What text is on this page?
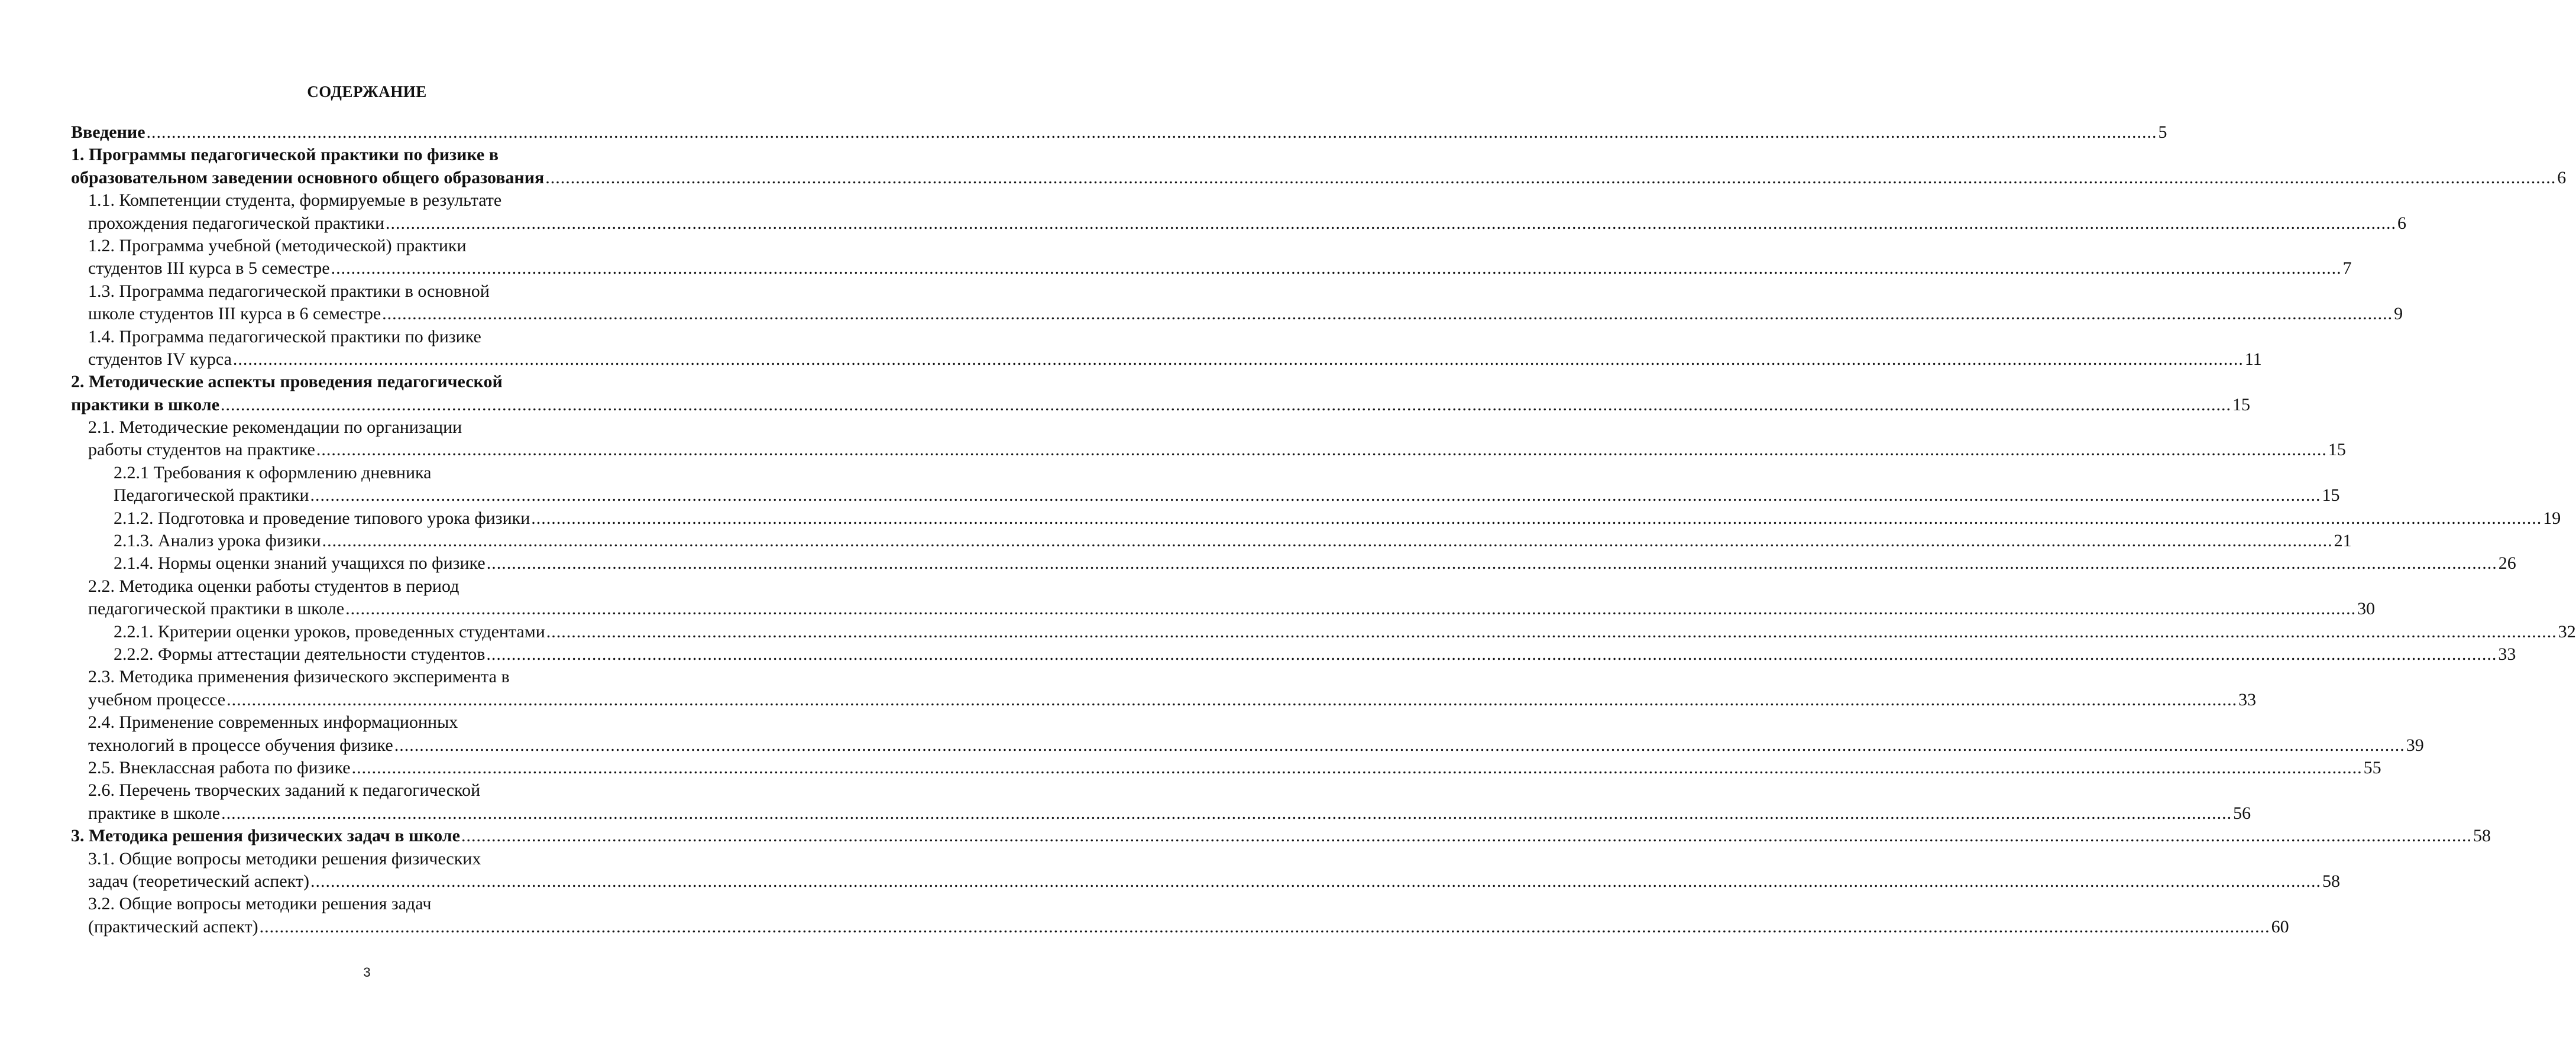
СОДЕРЖАНИЕ
Введение ................................................................................................................................................................................................................................................................................................................................................................................................................ 5
1. Программы педагогической практики по физике в
образовательном заведении основного общего образования ................................................................................................................................................................................................................................................................................................................................................................................................................ 6
1.1. Компетенции студента, формируемые в результате
прохождения педагогической практики ................................................................................................................................................................................................................................................................................................................................................................................................................ 6
1.2. Программа учебной (методической) практики
студентов III курса в 5 семестре ................................................................................................................................................................................................................................................................................................................................................................................................................ 7
1.3. Программа педагогической практики в основной
школе студентов III курса в 6 семестре ................................................................................................................................................................................................................................................................................................................................................................................................................ 9
1.4. Программа педагогической практики по физике
студентов IV курса ................................................................................................................................................................................................................................................................................................................................................................................................................ 11
2. Методические аспекты проведения педагогической
практики в школе ................................................................................................................................................................................................................................................................................................................................................................................................................ 15
2.1. Методические рекомендации по организации
работы студентов на практике ................................................................................................................................................................................................................................................................................................................................................................................................................ 15
2.2.1 Требования к оформлению дневника
Педагогической практики ................................................................................................................................................................................................................................................................................................................................................................................................................ 15
2.1.2. Подготовка и проведение типового урока физики ................................................................................................................................................................................................................................................................................................................................................................................................................ 19
2.1.3. Анализ урока физики ................................................................................................................................................................................................................................................................................................................................................................................................................ 21
2.1.4. Нормы оценки знаний учащихся по физике ................................................................................................................................................................................................................................................................................................................................................................................................................ 26
2.2. Методика оценки работы студентов в период
педагогической практики в школе ................................................................................................................................................................................................................................................................................................................................................................................................................ 30
2.2.1. Критерии оценки уроков, проведенных студентами ................................................................................................................................................................................................................................................................................................................................................................................................................ 32
2.2.2. Формы аттестации деятельности студентов ................................................................................................................................................................................................................................................................................................................................................................................................................ 33
2.3. Методика применения физического эксперимента в
учебном процессе ................................................................................................................................................................................................................................................................................................................................................................................................................ 33
2.4. Применение современных информационных
технологий в процессе обучения физике ................................................................................................................................................................................................................................................................................................................................................................................................................ 39
2.5. Внеклассная работа по физике ................................................................................................................................................................................................................................................................................................................................................................................................................ 55
2.6. Перечень творческих заданий к педагогической
практике в школе ................................................................................................................................................................................................................................................................................................................................................................................................................ 56
3. Методика решения физических задач в школе ................................................................................................................................................................................................................................................................................................................................................................................................................ 58
3.1. Общие вопросы методики решения физических
задач (теоретический аспект) ................................................................................................................................................................................................................................................................................................................................................................................................................ 58
3.2. Общие вопросы методики решения задач
(практический аспект) ................................................................................................................................................................................................................................................................................................................................................................................................................ 60
3
